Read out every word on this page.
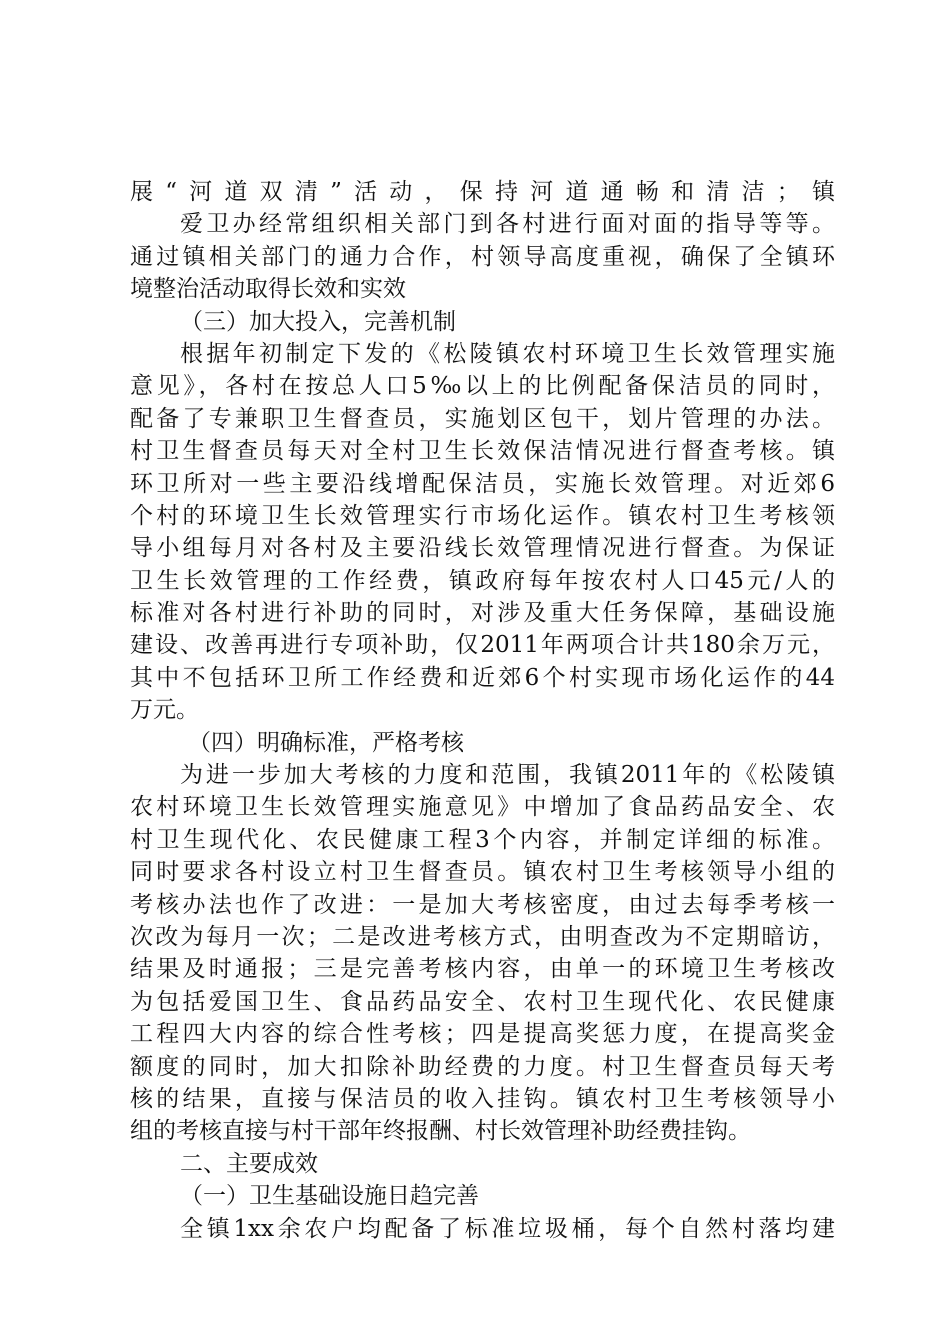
展“河道双清”活动，保持河道通畅和清洁；镇
爱卫办经常组织相关部门到各村进行面对面的指导等等。
通过镇相关部门的通力合作，村领导高度重视，确保了全镇环
境整治活动取得长效和实效
（三）加大投入，完善机制
根据年初制定下发的《松陵镇农村环境卫生长效管理实施
意见》，各村在按总人口5‰以上的比例配备保洁员的同时，
配备了专兼职卫生督查员，实施划区包干，划片管理的办法。
村卫生督查员每天对全村卫生长效保洁情况进行督查考核。镇
环卫所对一些主要沿线增配保洁员，实施长效管理。对近郊6
个村的环境卫生长效管理实行市场化运作。镇农村卫生考核领
导小组每月对各村及主要沿线长效管理情况进行督查。为保证
卫生长效管理的工作经费，镇政府每年按农村人口45元/人的
标准对各村进行补助的同时，对涉及重大任务保障，基础设施
建设、改善再进行专项补助，仅2011年两项合计共180余万元，
其中不包括环卫所工作经费和近郊6个村实现市场化运作的44
万元。
（四）明确标准，严格考核
为进一步加大考核的力度和范围，我镇2011年的《松陵镇
农村环境卫生长效管理实施意见》中增加了食品药品安全、农
村卫生现代化、农民健康工程3个内容，并制定详细的标准。
同时要求各村设立村卫生督查员。镇农村卫生考核领导小组的
考核办法也作了改进：一是加大考核密度，由过去每季考核一
次改为每月一次；二是改进考核方式，由明查改为不定期暗访，
结果及时通报；三是完善考核内容，由单一的环境卫生考核改
为包括爱国卫生、食品药品安全、农村卫生现代化、农民健康
工程四大内容的综合性考核；四是提高奖惩力度，在提高奖金
额度的同时，加大扣除补助经费的力度。村卫生督查员每天考
核的结果，直接与保洁员的收入挂钩。镇农村卫生考核领导小
组的考核直接与村干部年终报酬、村长效管理补助经费挂钩。
二、主要成效
（一）卫生基础设施日趋完善
全镇1xx余农户均配备了标准垃圾桶，每个自然村落均建
